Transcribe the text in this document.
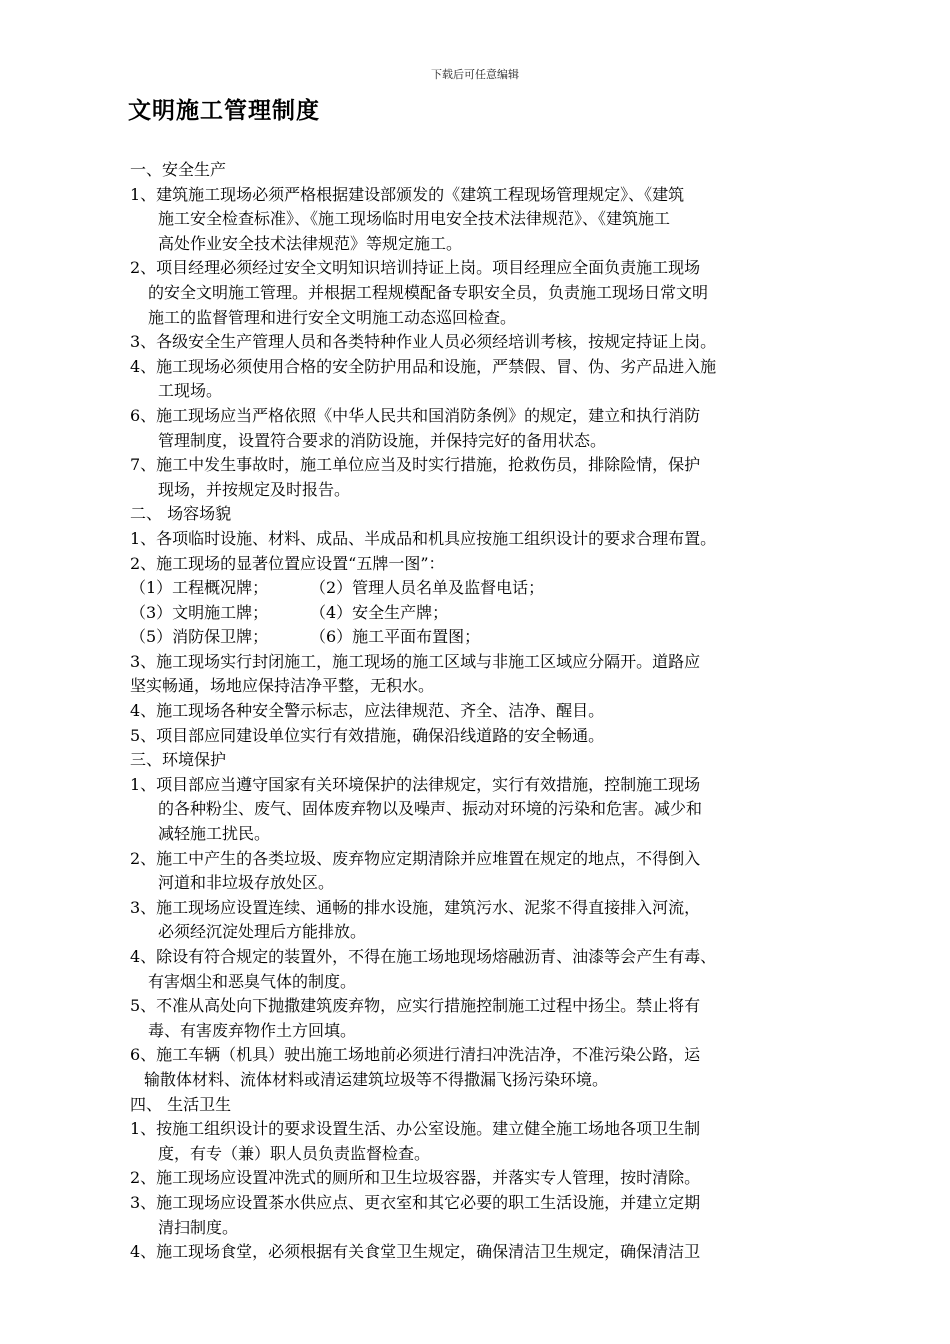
下载后可任意编辑
文明施工管理制度
一、安全生产
1、建筑施工现场必须严格根据建设部颁发的《建筑工程现场管理规定》、《建筑
施工安全检查标准》、《施工现场临时用电安全技术法律规范》、《建筑施工
高处作业安全技术法律规范》等规定施工。
2、项目经理必须经过安全文明知识培训持证上岗。项目经理应全面负责施工现场
的安全文明施工管理。并根据工程规模配备专职安全员，负责施工现场日常文明
施工的监督管理和进行安全文明施工动态巡回检查。
3、各级安全生产管理人员和各类特种作业人员必须经培训考核，按规定持证上岗。
4、施工现场必须使用合格的安全防护用品和设施，严禁假、冒、伪、劣产品进入施
工现场。
6、施工现场应当严格依照《中华人民共和国消防条例》的规定，建立和执行消防
管理制度，设置符合要求的消防设施，并保持完好的备用状态。
7、施工中发生事故时，施工单位应当及时实行措施，抢救伤员，排除险情，保护
现场，并按规定及时报告。
二、 场容场貌
1、各项临时设施、材料、成品、半成品和机具应按施工组织设计的要求合理布置。
2、施工现场的显著位置应设置“五牌一图”：
（1）工程概况牌；	（2）管理人员名单及监督电话；
（3）文明施工牌；	（4）安全生产牌；
（5）消防保卫牌；	（6）施工平面布置图；
3、施工现场实行封闭施工，施工现场的施工区域与非施工区域应分隔开。道路应
坚实畅通，场地应保持洁净平整，无积水。
4、施工现场各种安全警示标志，应法律规范、齐全、洁净、醒目。
5、项目部应同建设单位实行有效措施，确保沿线道路的安全畅通。
三、环境保护
1、项目部应当遵守国家有关环境保护的法律规定，实行有效措施，控制施工现场
的各种粉尘、废气、固体废弃物以及噪声、振动对环境的污染和危害。减少和
减轻施工扰民。
2、施工中产生的各类垃圾、废弃物应定期清除并应堆置在规定的地点，不得倒入
河道和非垃圾存放处区。
3、施工现场应设置连续、通畅的排水设施，建筑污水、泥浆不得直接排入河流，
必须经沉淀处理后方能排放。
4、除设有符合规定的装置外，不得在施工场地现场熔融沥青、油漆等会产生有毒、
有害烟尘和恶臭气体的制度。
5、不准从高处向下抛撒建筑废弃物，应实行措施控制施工过程中扬尘。禁止将有
毒、有害废弃物作土方回填。
6、施工车辆（机具）驶出施工场地前必须进行清扫冲洗洁净，不准污染公路，运
输散体材料、流体材料或清运建筑垃圾等不得撒漏飞扬污染环境。
四、 生活卫生
1、按施工组织设计的要求设置生活、办公室设施。建立健全施工场地各项卫生制
度，有专（兼）职人员负责监督检查。
2、施工现场应设置冲洗式的厕所和卫生垃圾容器，并落实专人管理，按时清除。
3、施工现场应设置茶水供应点、更衣室和其它必要的职工生活设施，并建立定期
清扫制度。
4、施工现场食堂，必须根据有关食堂卫生规定，确保清洁卫生规定，确保清洁卫
